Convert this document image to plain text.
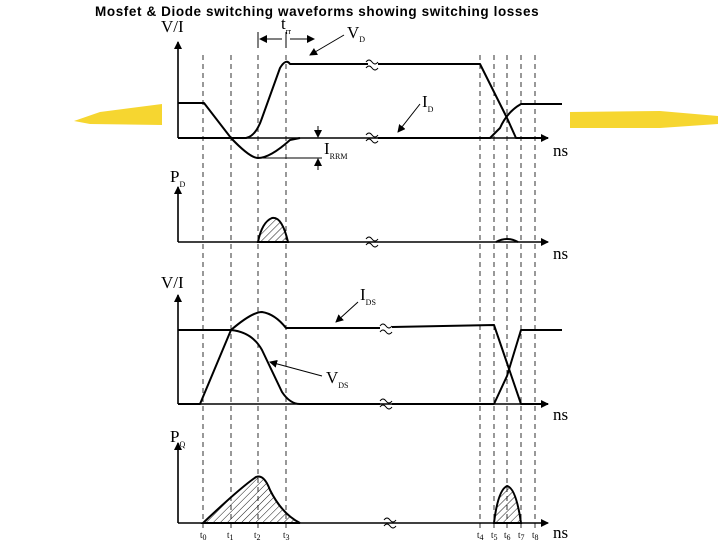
Mosfet & Diode switching waveforms showing switching losses
V/I
ns
$t_{rr}$	$V_D$
$I_D$
$I_{RRM}$
$P_D$
ns
V/I
ns
$I_{DS}$
$V_{DS}$
$P_Q$
ns
t0 t1 t2 t3	t4 t5 t6 t7 t8
